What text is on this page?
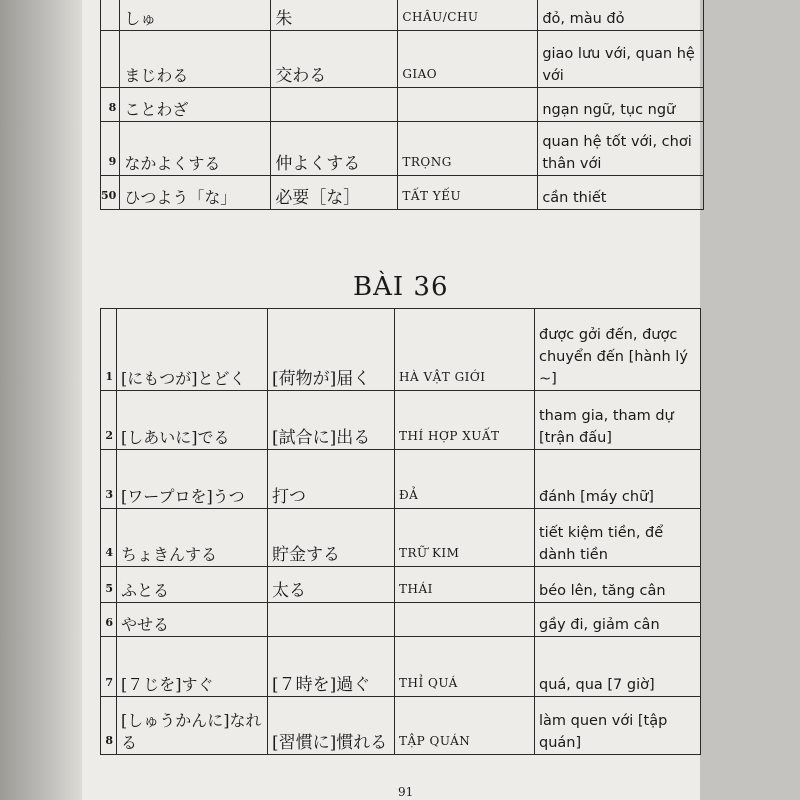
	しゅ	朱	CHÂU/CHU	đỏ, màu đỏ
	まじわる	交わる	GIAO	giao lưu với, quan hệ với
8	ことわざ			ngạn ngữ, tục ngữ
9	なかよくする	仲よくする	TRỌNG	quan hệ tốt với, chơi thân với
50	ひつよう「な」	必要［な］	TẤT YẾU	cần thiết
BÀI 36
1	[にもつが]とどく	[荷物が]届く	HÀ VẬT GIỚI	được gởi đến, được chuyển đến [hành lý ~]
2	[しあいに]でる	[試合に]出る	THÍ HỢP XUẤT	tham gia, tham dự [trận đấu]
3	[ワープロを]うつ	打つ	ĐẢ	đánh [máy chữ]
4	ちょきんする	貯金する	TRỮ KIM	tiết kiệm tiền, để dành tiền
5	ふとる	太る	THÁI	béo lên, tăng cân
6	やせる			gầy đi, giảm cân
7	[７じを]すぐ	[７時を]過ぐ	THỈ QUÁ	quá, qua [7 giờ]
8	[しゅうかんに]なれる	[習慣に]慣れる	TẬP QUÁN	làm quen với [tập quán]
91
